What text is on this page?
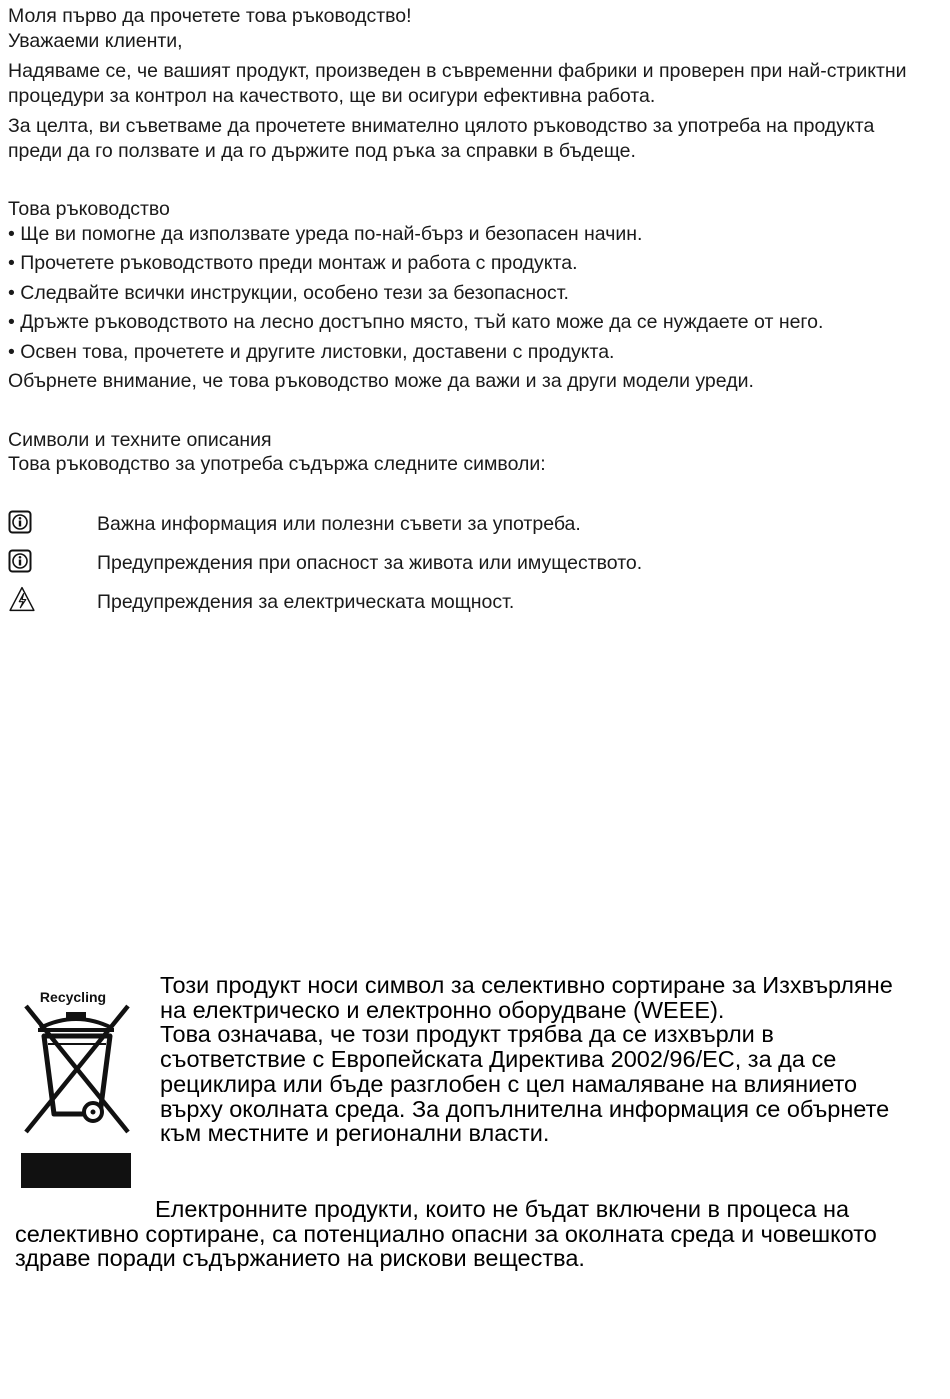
Моля първо да прочетете това ръководство!

Уважаеми клиенти,

Надяваме се, че вашият продукт, произведен в съвременни фабрики и проверен при най-стриктни процедури за контрол на качеството, ще ви осигури ефективна работа.

За целта, ви съветваме да прочетете внимателно цялото ръководство за употреба на продукта преди да го ползвате и да го държите под ръка за справки в бъдеще.

Това ръководство

• Ще ви помогне да използвате уреда по-най-бърз и безопасен начин.

• Прочетете ръководството преди монтаж и работа с продукта.

• Следвайте всички инструкции, особено тези за безопасност.

• Дръжте ръководството на лесно достъпно място, тъй като може да се нуждаете от него.

• Освен това, прочетете и другите листовки, доставени с продукта.

Обърнете внимание, че това ръководство може да важи и за други модели уреди.

Символи и техните описания

Това ръководство за употреба съдържа следните символи:

Важна информация или полезни съвети за употреба.
Предупреждения при опасност за живота или имуществото.
Предупреждения за електрическата мощност.
Recycling Този продукт носи символ за селективно сортиране за Изхвърляне на електрическо и електронно оборудване (WEEE).

Това означава, че този продукт трябва да се изхвърли в съответствие с Европейската Директива 2002/96/ЕС, за да се рециклира или бъде разглобен с цел намаляване на влиянието върху околната среда. За допълнителна информация се обърнете към местните и регионални власти.

Електронните продукти, които не бъдат включени в процеса на селективно сортиране, са потенциално опасни за околната среда и човешкото здраве поради съдържанието на рискови вещества.
